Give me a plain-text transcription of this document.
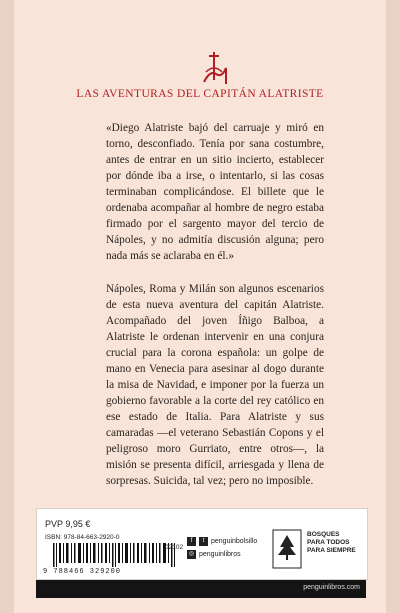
LAS AVENTURAS DEL CAPITÁN ALATRISTE

«Diego Alatriste bajó del carruaje y miró en torno, desconfiado. Tenía por sana costumbre, antes de entrar en un sitio incierto, establecer por dónde iba a irse, o intentarlo, si las cosas terminaban complicándose. El billete que le ordenaba acompañar al hombre de negro estaba firmado por el sargento mayor del tercio de Nápoles, y no admitía discusión alguna; pero nada más se aclaraba en él.»

Nápoles, Roma y Milán son algunos escenarios de esta nueva aventura del capitán Alatriste. Acompañado del joven Íñigo Balboa, a Alatriste le ordenan intervenir en una conjura crucial para la corona española: un golpe de mano en Venecia para asesinar al dogo durante la misa de Navidad, e imponer por la fuerza un gobierno favorable a la corte del rey católico en ese estado de Italia. Para Alatriste y sus camaradas —el veterano Sebastián Copons y el peligroso moro Gurriato, entre otros—, la misión se presenta difícil, arriesgada y llena de sorpresas. Suicida, tal vez; pero no imposible.

PVP 9,95 €
ISBN: 978-84-663-2920-0
02102
9 788466 329200
f	t penguinbolsillo
◎ penguinlibros
BOSQUES
PARA TODOS
PARA SIEMPRE
penguinlibros.com
